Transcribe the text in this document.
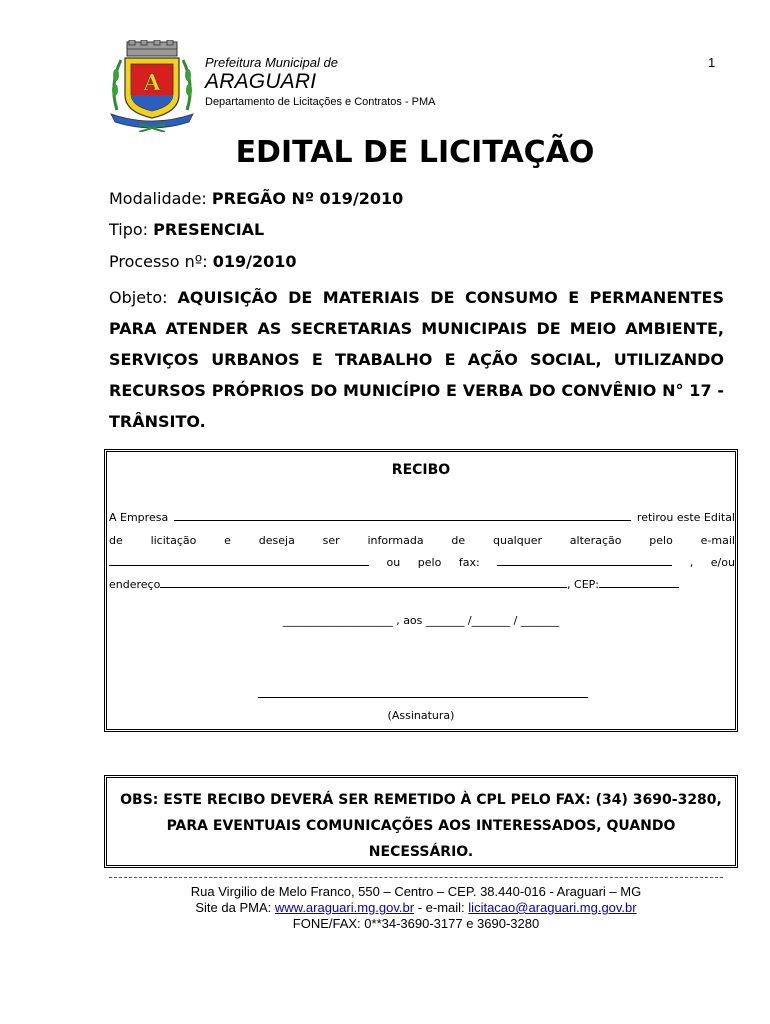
A
Prefeitura Municipal de
ARAGUARI
Departamento de Licitações e Contratos - PMA
1
EDITAL DE LICITAÇÃO
Modalidade: PREGÃO Nº 019/2010
Tipo: PRESENCIAL
Processo nº: 019/2010
Objeto: AQUISIÇÃO DE MATERIAIS DE CONSUMO E PERMANENTES PARA ATENDER AS SECRETARIAS MUNICIPAIS DE MEIO AMBIENTE, SERVIÇOS URBANOS E TRABALHO E AÇÃO SOCIAL, UTILIZANDO RECURSOS PRÓPRIOS DO MUNICÍPIO E VERBA DO CONVÊNIO N° 17 - TRÂNSITO.
RECIBO
A Empresa	retirou este Edital
de	licitação	e	deseja	ser	informada	de	qualquer	alteração	pelo	e-mail
ou pelo fax:	, e/ou
endereço	, CEP:
____________________ , aos _______ /_______ / _______
(Assinatura)
OBS: ESTE RECIBO DEVERÁ SER REMETIDO À CPL PELO FAX: (34) 3690-3280, PARA EVENTUAIS COMUNICAÇÕES AOS INTERESSADOS, QUANDO NECESSÁRIO.
Rua Virgilio de Melo Franco, 550 – Centro – CEP. 38.440-016 - Araguari – MG
Site da PMA: www.araguari.mg.gov.br - e-mail: licitacao@araguari.mg.gov.br
FONE/FAX: 0**34-3690-3177 e 3690-3280
